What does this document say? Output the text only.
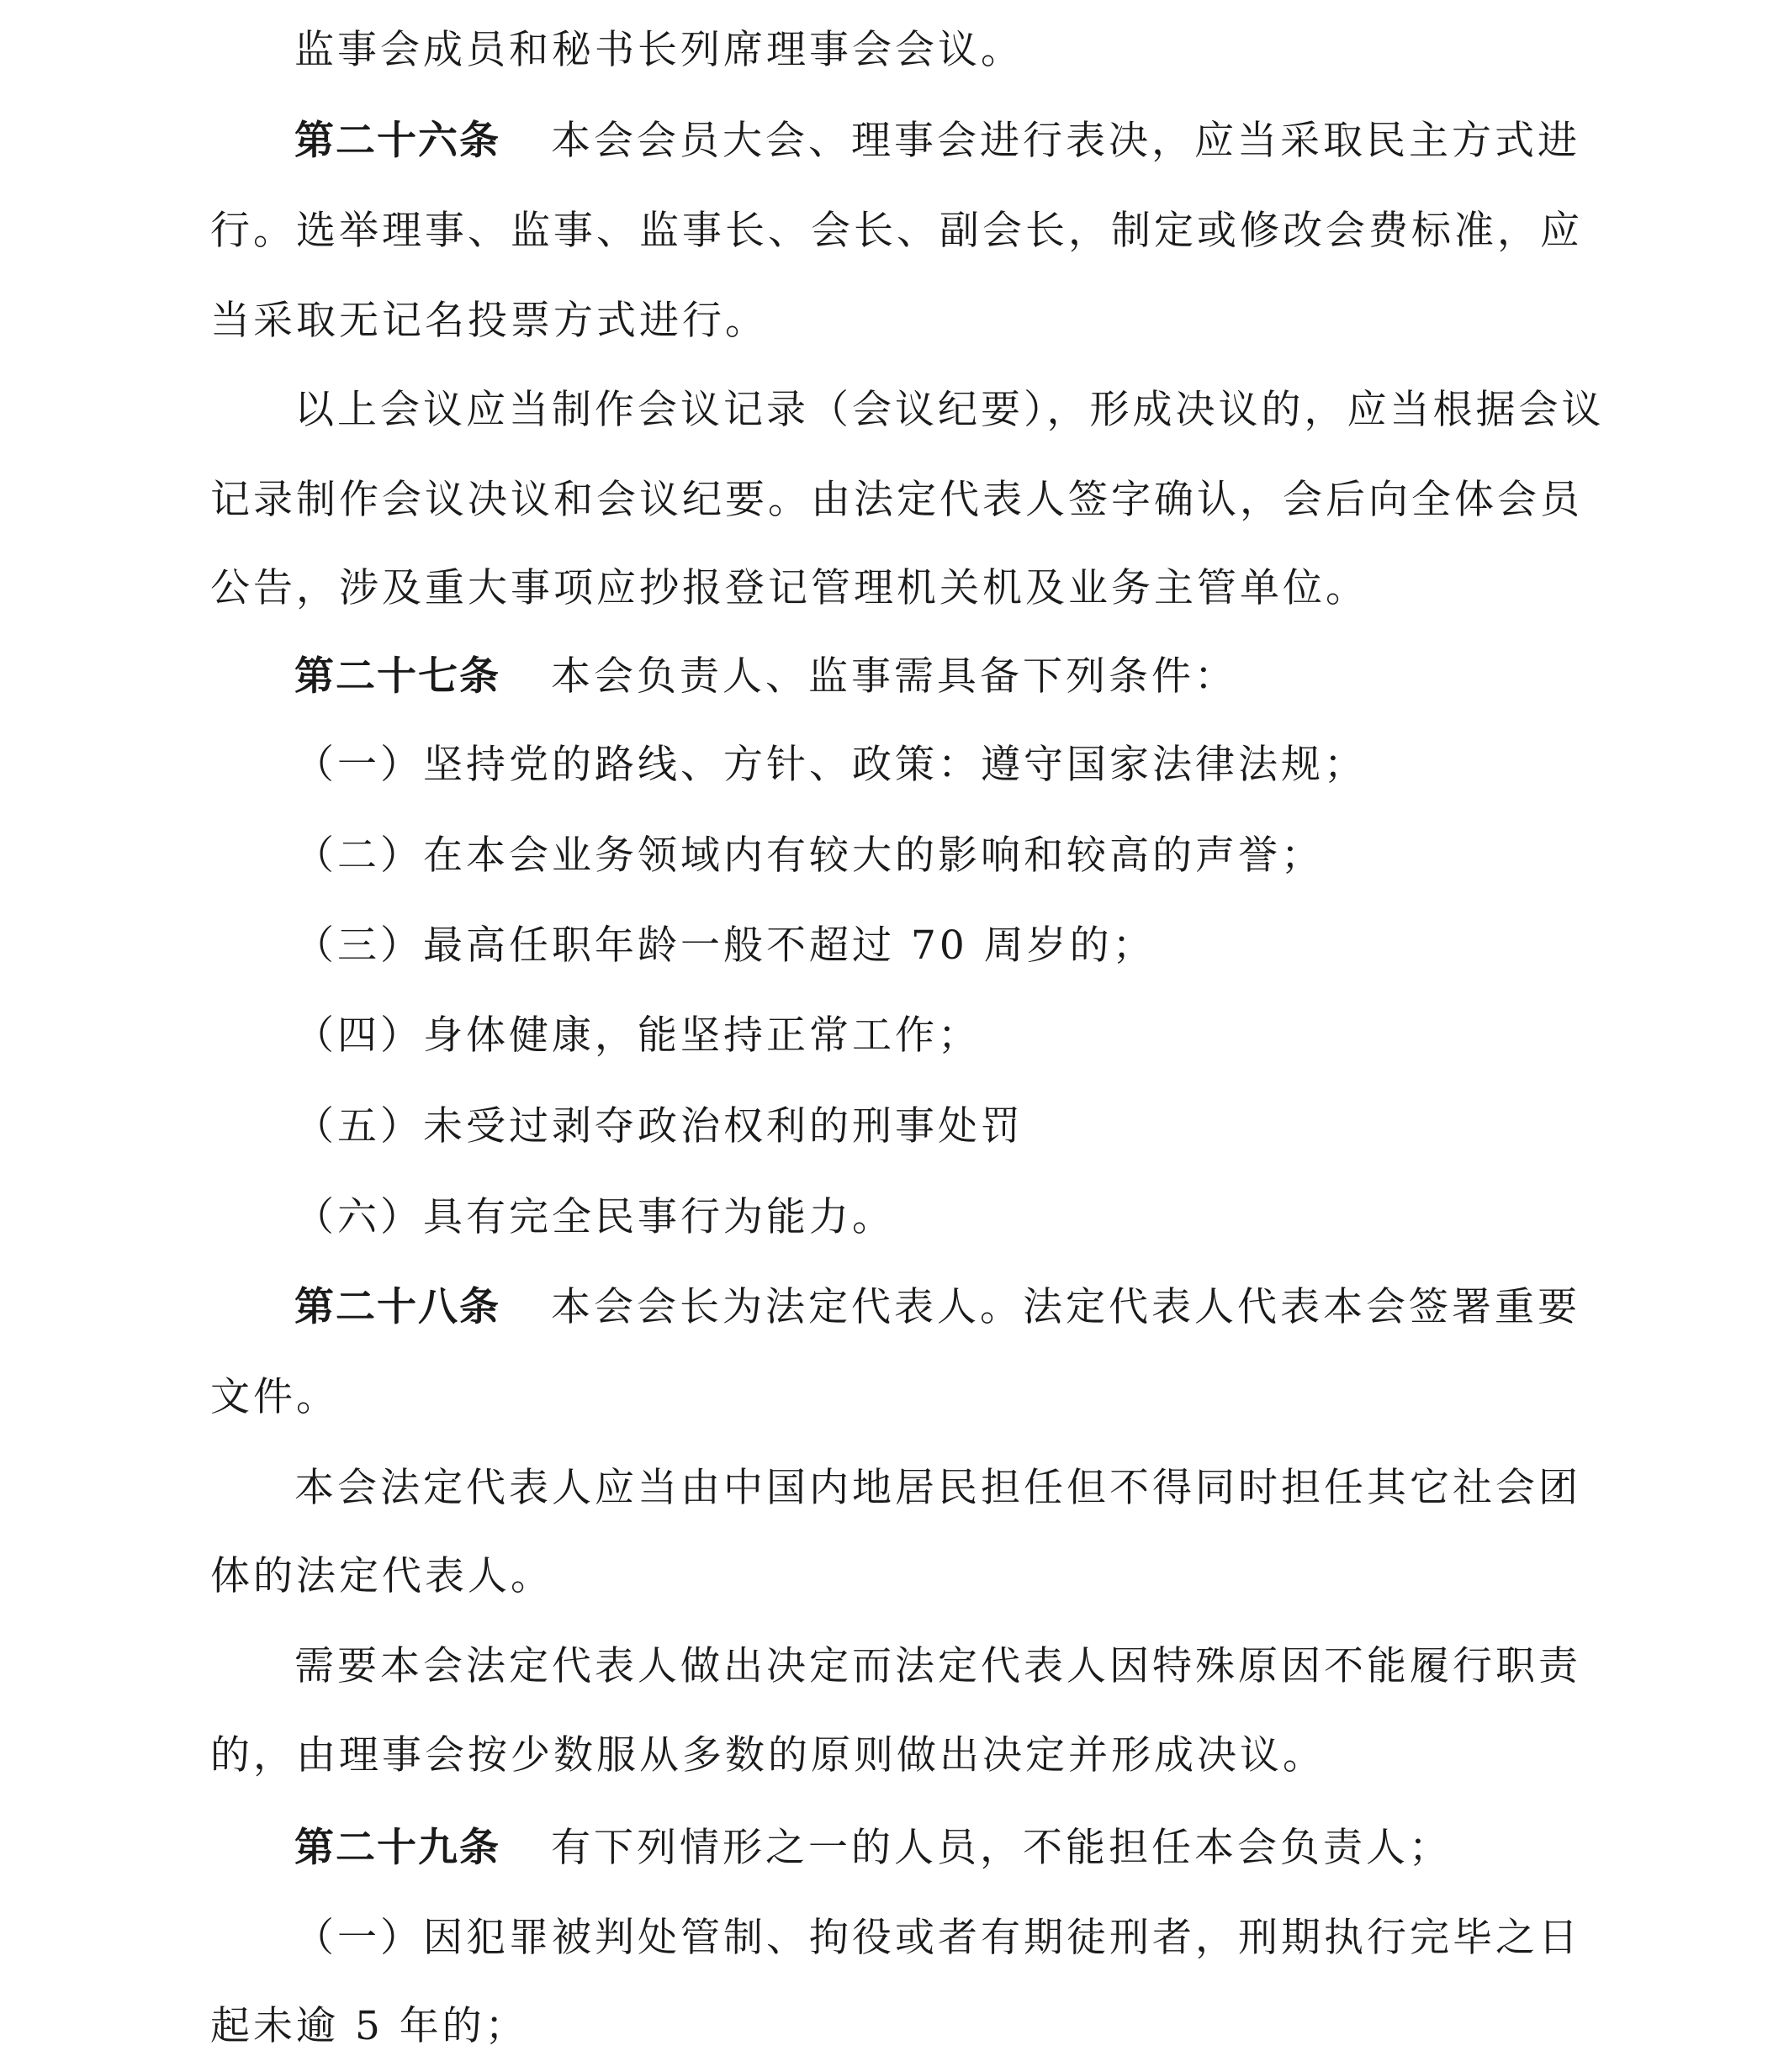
监事会成员和秘书长列席理事会会议。
第二十六条 本会会员大会、理事会进行表决，应当采取民主方式进
行。选举理事、监事、监事长、会长、副会长，制定或修改会费标准，应
当采取无记名投票方式进行。
以上会议应当制作会议记录（会议纪要），形成决议的，应当根据会议
记录制作会议决议和会议纪要。由法定代表人签字确认，会后向全体会员
公告，涉及重大事项应抄报登记管理机关机及业务主管单位。
第二十七条 本会负责人、监事需具备下列条件：
（一）坚持党的路线、方针、政策：遵守国家法律法规；
（二）在本会业务领域内有较大的影响和较高的声誉；
（三）最高任职年龄一般不超过 70 周岁的；
（四）身体健康，能坚持正常工作；
（五）未受过剥夺政治权利的刑事处罚
（六）具有完全民事行为能力。
第二十八条 本会会长为法定代表人。法定代表人代表本会签署重要
文件。
本会法定代表人应当由中国内地居民担任但不得同时担任其它社会团
体的法定代表人。
需要本会法定代表人做出决定而法定代表人因特殊原因不能履行职责
的，由理事会按少数服从多数的原则做出决定并形成决议。
第二十九条 有下列情形之一的人员，不能担任本会负责人；
（一）因犯罪被判处管制、拘役或者有期徒刑者，刑期执行完毕之日
起未逾 5 年的；
